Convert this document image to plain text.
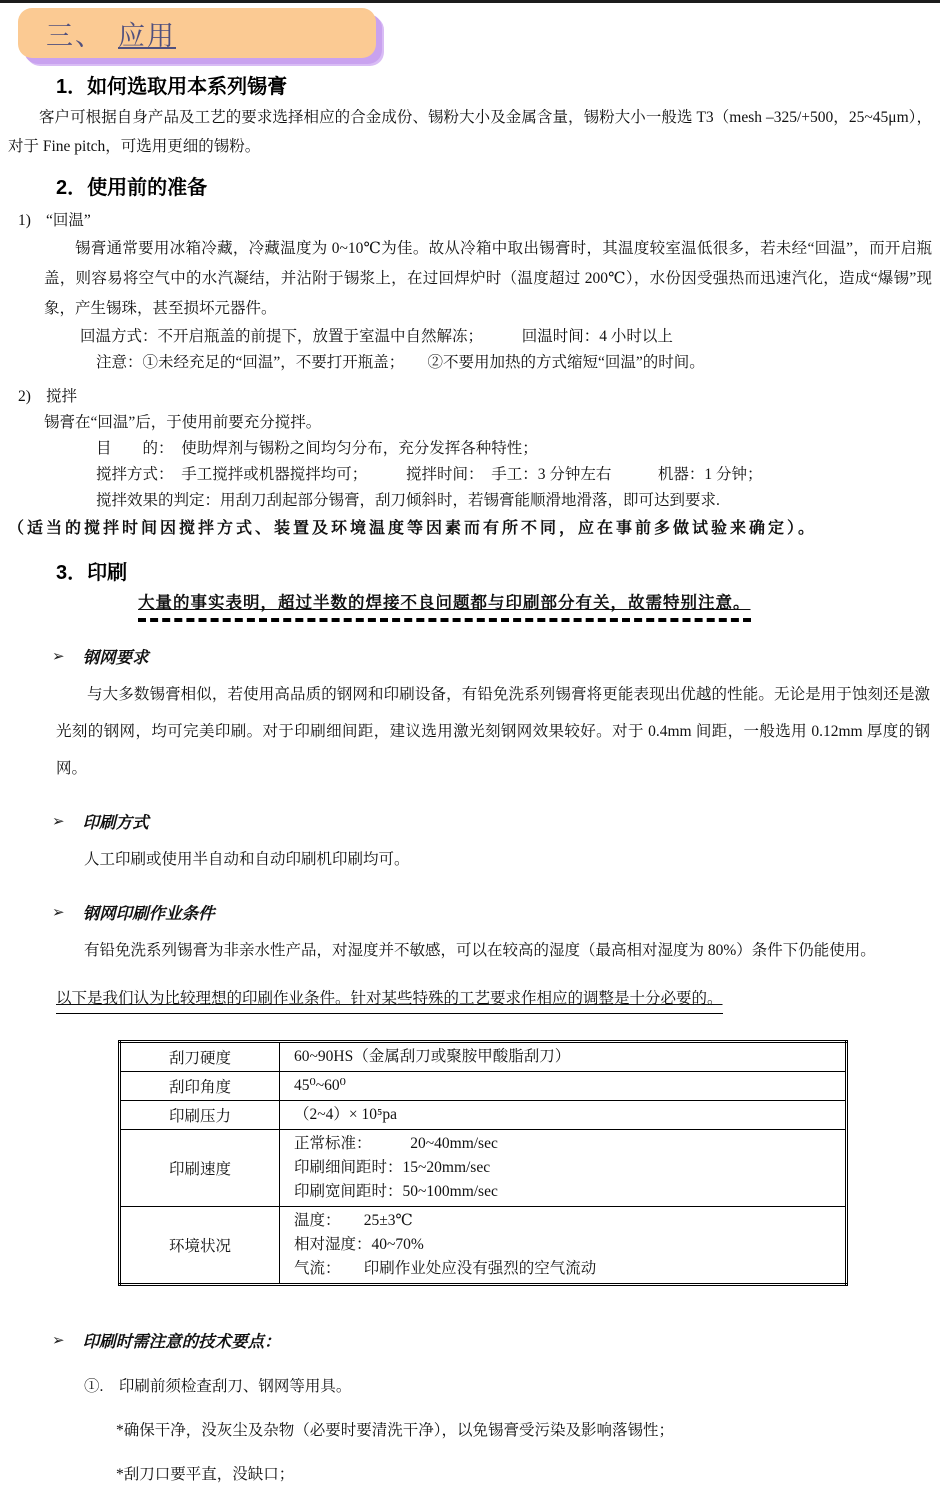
三、 应用
1．如何选取用本系列锡膏

客户可根据自身产品及工艺的要求选择相应的合金成份、锡粉大小及金属含量，锡粉大小一般选 T3（mesh –325/+500，25~45μm），对于 Fine pitch，可选用更细的锡粉。

2．使用前的准备
1) “回温”

锡膏通常要用冰箱冷藏，冷藏温度为 0~10℃为佳。故从冷箱中取出锡膏时，其温度较室温低很多，若未经“回温”，而开启瓶盖，则容易将空气中的水汽凝结，并沾附于锡浆上，在过回焊炉时（温度超过 200℃），水份因受强热而迅速汽化，造成“爆锡”现象，产生锡珠，甚至损坏元器件。

回温方式：不开启瓶盖的前提下，放置于室温中自然解冻；　　　回温时间：4 小时以上
注意：①未经充足的“回温”，不要打开瓶盖；　　②不要用加热的方式缩短“回温”的时间。
2) 搅拌
锡膏在“回温”后，于使用前要充分搅拌。
目　　的：　使助焊剂与锡粉之间均匀分布，充分发挥各种特性；
搅拌方式：　手工搅拌或机器搅拌均可；　　　搅拌时间：　手工：3 分钟左右　　　机器：1 分钟；
搅拌效果的判定：用刮刀刮起部分锡膏，刮刀倾斜时，若锡膏能顺滑地滑落，即可达到要求.
（适当的搅拌时间因搅拌方式、装置及环境温度等因素而有所不同，应在事前多做试验来确定）。
3．印刷
大量的事实表明，超过半数的焊接不良问题都与印刷部分有关，故需特别注意。
➢ 钢网要求

与大多数锡膏相似，若使用高品质的钢网和印刷设备，有铅免洗系列锡膏将更能表现出优越的性能。无论是用于蚀刻还是激光刻的钢网，均可完美印刷。对于印刷细间距，建议选用激光刻钢网效果较好。对于 0.4mm 间距，一般选用 0.12mm 厚度的钢网。

➢ 印刷方式

人工印刷或使用半自动和自动印刷机印刷均可。

➢ 钢网印刷作业条件

有铅免洗系列锡膏为非亲水性产品，对湿度并不敏感，可以在较高的湿度（最高相对湿度为 80%）条件下仍能使用。

以下是我们认为比较理想的印刷作业条件。针对某些特殊的工艺要求作相应的调整是十分必要的。
刮刀硬度	60~90HS（金属刮刀或聚胺甲酸脂刮刀）

刮印角度	45⁰~60⁰

印刷压力	（2~4）× 10⁵pa

印刷速度	正常标准：　　　20~40mm/sec
印刷细间距时：15~20mm/sec
印刷宽间距时：50~100mm/sec

环境状况	温度：　　25±3℃
相对湿度：40~70%
气流：　　印刷作业处应没有强烈的空气流动
➢ 印刷时需注意的技术要点：
①.　印刷前须检查刮刀、钢网等用具。
*确保干净，没灰尘及杂物（必要时要清洗干净），以免锡膏受污染及影响落锡性；
*刮刀口要平直，没缺口；
